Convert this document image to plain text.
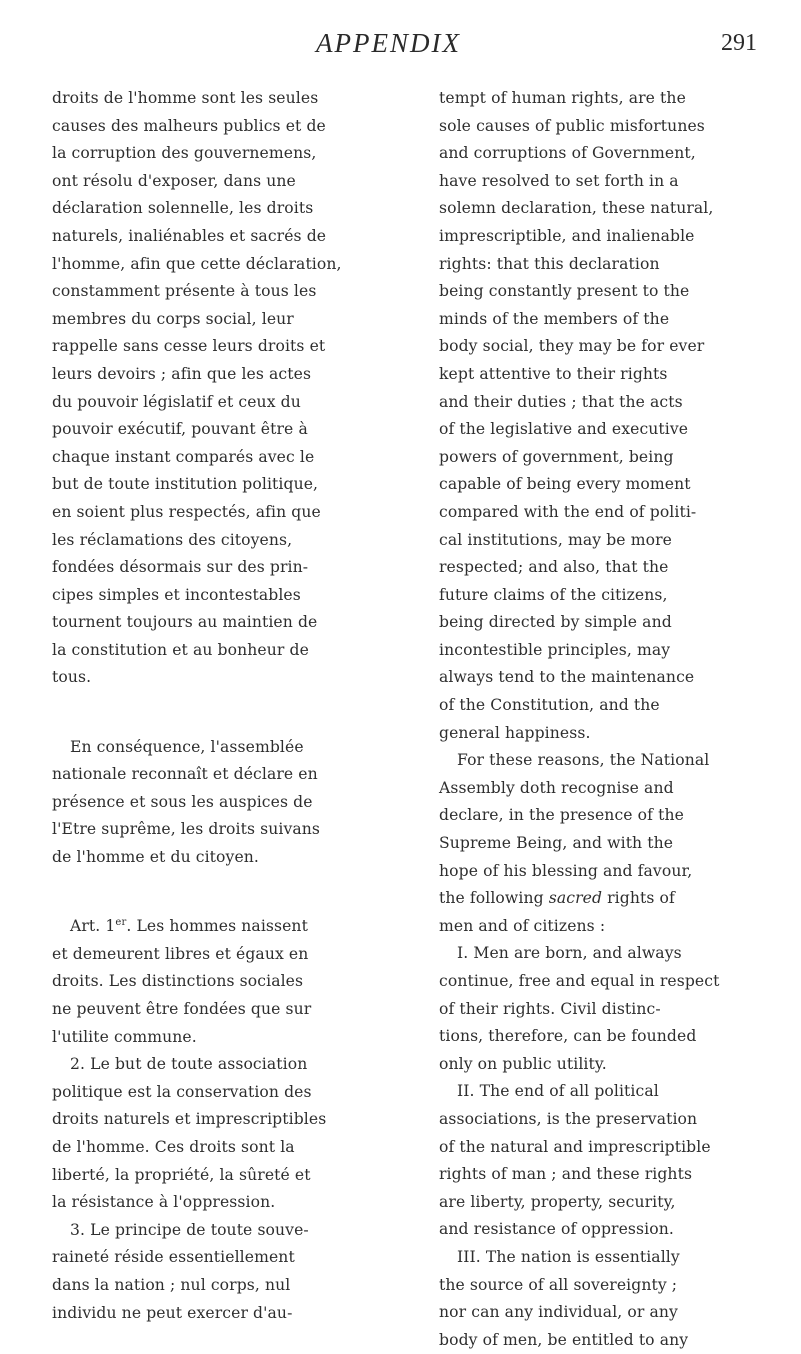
APPENDIX	291
droits de l'homme sont les seules
causes des malheurs publics et de
la corruption des gouvernemens,
ont résolu d'exposer, dans une
déclaration solennelle, les droits
naturels, inaliénables et sacrés de
l'homme, afin que cette déclaration,
constamment présente à tous les
membres du corps social, leur
rappelle sans cesse leurs droits et
leurs devoirs ; afin que les actes
du pouvoir législatif et ceux du
pouvoir exécutif, pouvant être à
chaque instant comparés avec le
but de toute institution politique,
en soient plus respectés, afin que
les réclamations des citoyens,
fondées désormais sur des prin-
cipes simples et incontestables
tournent toujours au maintien de
la constitution et au bonheur de
tous.
En conséquence, l'assemblée
nationale reconnaît et déclare en
présence et sous les auspices de
l'Etre suprême, les droits suivans
de l'homme et du citoyen.
Art. 1er. Les hommes naissent
et demeurent libres et égaux en
droits. Les distinctions sociales
ne peuvent être fondées que sur
l'utilite commune.
2. Le but de toute association
politique est la conservation des
droits naturels et imprescriptibles
de l'homme. Ces droits sont la
liberté, la propriété, la sûreté et
la résistance à l'oppression.
3. Le principe de toute souve-
raineté réside essentiellement
dans la nation ; nul corps, nul
individu ne peut exercer d'au-
tempt of human rights, are the
sole causes of public misfortunes
and corruptions of Government,
have resolved to set forth in a
solemn declaration, these natural,
imprescriptible, and inalienable
rights: that this declaration
being constantly present to the
minds of the members of the
body social, they may be for ever
kept attentive to their rights
and their duties ; that the acts
of the legislative and executive
powers of government, being
capable of being every moment
compared with the end of politi-
cal institutions, may be more
respected; and also, that the
future claims of the citizens,
being directed by simple and
incontestible principles, may
always tend to the maintenance
of the Constitution, and the
general happiness.
For these reasons, the National
Assembly doth recognise and
declare, in the presence of the
Supreme Being, and with the
hope of his blessing and favour,
the following sacred rights of
men and of citizens :
I. Men are born, and always
continue, free and equal in respect
of their rights. Civil distinc-
tions, therefore, can be founded
only on public utility.
II. The end of all political
associations, is the preservation
of the natural and imprescriptible
rights of man ; and these rights
are liberty, property, security,
and resistance of oppression.
III. The nation is essentially
the source of all sovereignty ;
nor can any individual, or any
body of men, be entitled to any
